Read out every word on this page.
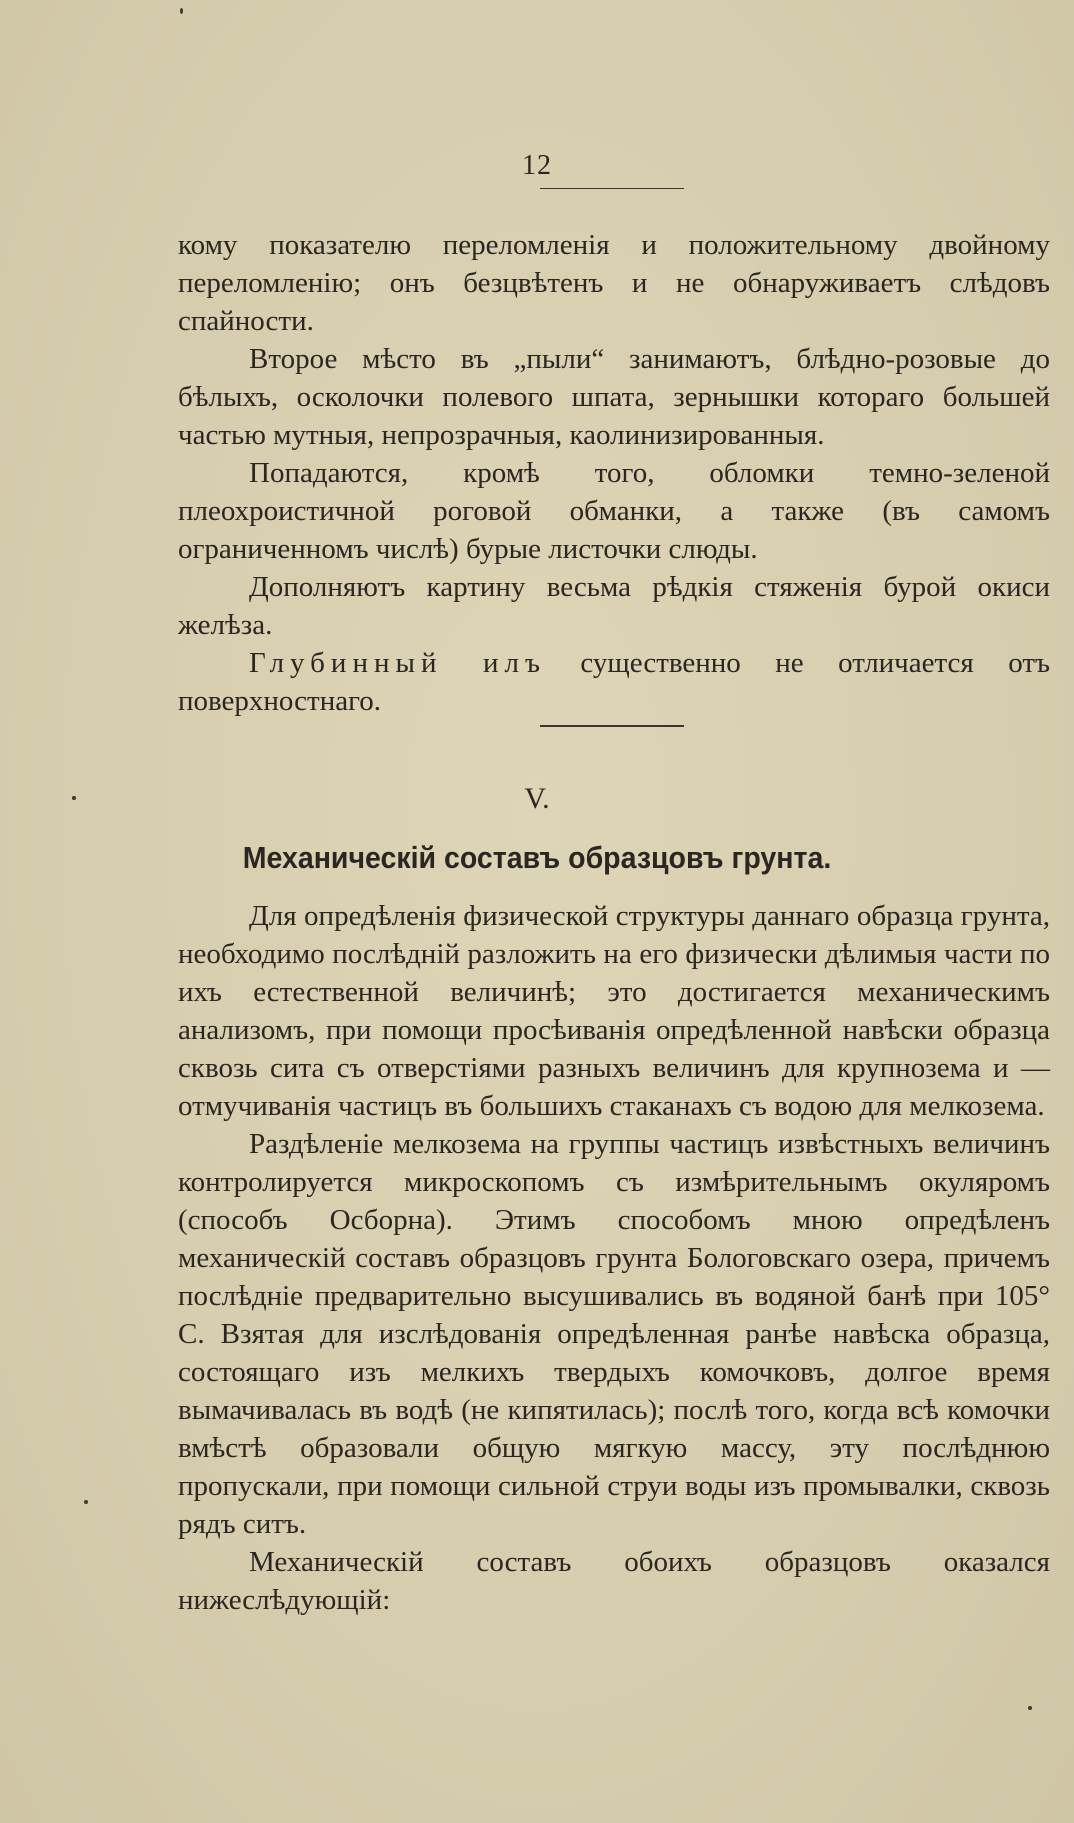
12

кому показателю переломленія и положительному двойному переломленію; онъ безцвѣтенъ и не обнаруживаетъ слѣдовъ спайности.

Второе мѣсто въ „пыли“ занимаютъ, блѣдно-розовые до бѣлыхъ, осколочки полевого шпата, зернышки котораго большей частью мутныя, непрозрачныя, каолинизированныя.

Попадаются, кромѣ того, обломки темно-зеленой плеохроистичной роговой обманки, а также (въ самомъ ограниченномъ числѣ) бурые листочки слюды.

Дополняютъ картину весьма рѣдкія стяженія бурой окиси желѣза.

Глубинный илъ существенно не отличается отъ поверхностнаго.

V.
Механическій составъ образцовъ грунта.

Для опредѣленія физической структуры даннаго образца грунта, необходимо послѣдній разложить на его физически дѣлимыя части по ихъ естественной величинѣ; это достигается механическимъ анализомъ, при помощи просѣиванія опредѣленной навѣски образца сквозь сита съ отверстіями разныхъ величинъ для крупнозема и — отмучиванія частицъ въ большихъ стаканахъ съ водою для мелкозема.

Раздѣленіе мелкозема на группы частицъ извѣстныхъ величинъ контролируется микроскопомъ съ измѣрительнымъ окуляромъ (способъ Осборна). Этимъ способомъ мною опредѣленъ механическій составъ образцовъ грунта Бологовскаго озера, причемъ послѣдніе предварительно высушивались въ водяной банѣ при 105° С. Взятая для изслѣдованія опредѣленная ранѣе навѣска образца, состоящаго изъ мелкихъ твердыхъ комочковъ, долгое время вымачивалась въ водѣ (не кипятилась); послѣ того, когда всѣ комочки вмѣстѣ образовали общую мягкую массу, эту послѣднюю пропускали, при помощи сильной струи воды изъ промывалки, сквозь рядъ ситъ.

Механическій составъ обоихъ образцовъ оказался нижеслѣдующій:
